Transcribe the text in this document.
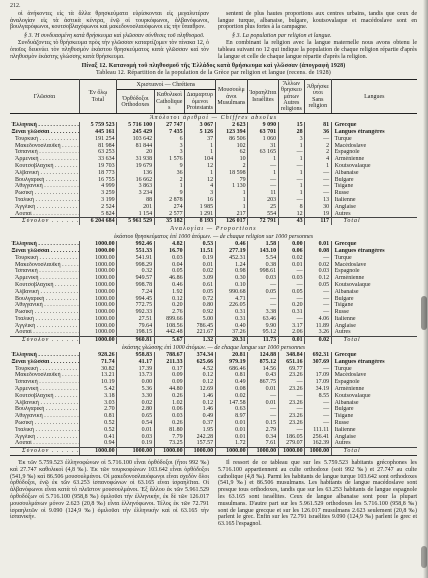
212.

οἱ ἀνήκοντες εἰς τὰ ἄλλα θρησκεύματα εὑρίσκονται εἰς μεγαλυτέραν ἀναλογίαν εἰς τὰ ἀστικὰ κέντρα, ἐνῷ οἱ τουρκόφωνοι, ἀλβανόφωνοι, βουλγαρόφωνοι, κουτσοβλαχόφωνοι καὶ μακεδονοσλαυόφωνοι εἰς τὴν ὕπαιθρον.

sentent de plus hautes proportions aux centres urbains, tandis que ceux de langue turque, albanaise, bulgare, koutsovalaque et macédoslave sont en proportion plus fortes à la campagne.

§ 3. Ἡ συνδυασμένη κατὰ θρήσκευμα καὶ γλῶσσαν σύνθεσις τοῦ πληθυσμοῦ.	§ 3. La population par religion et langue.

Συνδυάζοντες τὸ θρήσκευμα πρὸς τὴν γλῶσσαν καταρτίζομεν τὸν πίνακα 12, ὁ ὁποῖος δεικνύει τὸν πληθυσμὸν ἑκάστου θρησκεύματος κατὰ γλῶσσαν καὶ τὸν πληθυσμὸν ἑκάστης γλώσσης κατὰ θρήσκευμα.

En combinant la religion avec la langue maternelle nous avons obtenu le tableau suivant no 12 qui indique la population de chaque religion répartie d'après la langue et celle de chaque langue répartie d'après la religion.

Πίναξ 12. Κατανομὴ τοῦ πληθυσμοῦ τῆς Ἑλλάδος κατὰ θρήσκευμα καὶ γλῶσσαν (ἀπογραφὴ 1928)
Tableau 12. Répartition de la population de la Grèce par religion et langue (recens. de 1928)
Γλῶσσαι	Ἐν ὅλῳ
Total	Χριστιανοὶ — Chrétiens			Μουσουλμάνοι
Musulmans	Ἰσραηλῖται
Israélites	Ἄλλων θρησκευμάτων
Autres religions	Ἀθρήσκευτοι
Sans religion	Langues

		Ὀρθόδοξοι
Orthodoxes	Καθολικοὶ
Catholiques	Διαμαρτυρόμενοι
Protestants					

Ἀπόλυτοι ἀριθμοί — Chiffres absolus									
Ἑλληνικὴ . . .	5 759 523	5 716 100	27 747	3 067	2 623	9 090	15	81	Grecque
Ξέναι γλῶσσαι . . .	445 161	245 429	7 435	5 126	123 394	63 701	28	36	Langues étrangères
Τουρκικὴ . . .	191 254	103 642	6	37	86 506	1 060	3	—	Turque
Μακεδονοσλαυϊκὴ . . .	81 984	81 844	3	1	102	31	1	2	Macédoslave
Ἱσπανικὴ . . .	63 253	20	3	1	62	63 165	—	2	Espagnole
Ἀρμενικὴ . . .	33 634	31 938	1 576	104	10	1	1	4	Arménienne
Κουτσοβλαχικὴ . . .	19 703	19 679	9	12	2	—	—	1	Koutsovalaque
Ἀλβανικὴ . . .	18 773	136	36	1	18 598	1	1	—	Albanaise
Βουλγαρικὴ . . .	16 755	16 662	2	12	79	—	—	—	Bulgare
Ἀθιγγανικὴ . . .	4 999	3 863	1	4	1 130	—	1	—	Tsigane
Ρωσικὴ . . .	3 259	3 234	9	3	1	11	1	—	Russe
Ἰταλικὴ . . .	3 199	88	2 878	16	1	203	—	13	Italienne
Ἀγγλικὴ . . .	2 524	201	274	1 985	1	25	8	30	Anglaise
Λοιπαὶ . . .	5 824	1 154	2 577	1 291	217	554	12	19	Autres
Σύνολον . . .	6 204 684	5 961 529	35 182	8 193	126 017	72 791	43	117	Total
Ἀναλογίαι — Proportions									
ἑκάστου θρησκεύματος ἐπὶ 1000 ἀτόμων. — de chaque religion sur 1000 personnes									
Ἑλληνικὴ . . .	1000.00	992.46	4.82	0.53	0.46	1.58	0.00	0.01	Grecque
Ξέναι γλῶσσαι . . .	1000.00	551.33	16.70	11.51	277.19	143.10	0.06	0.08	Langues étrangères
Τουρκικὴ . . .	1000.00	541.91	0.03	0.19	452.31	5.54	0.02	—	Turque
Μακεδονοσλαυϊκὴ . . .	1000.00	998.29	0.04	0.01	1.24	0.38	0.01	0.02	Macédoslave
Ἱσπανικὴ . . .	1000.00	0.32	0.05	0.02	0.98	998.61	—	0.03	Espagnole
Ἀρμενικὴ . . .	1000.00	949.57	46.86	3.09	0.30	0.03	0.03	0.12	Arménienne
Κουτσοβλαχικὴ . . .	1000.00	998.78	0.46	0.61	0.10	—	—	0.05	Koutsovalaque
Ἀλβανικὴ . . .	1000.00	7.24	1.92	0.05	990.68	0.05	0.05	—	Albanaise
Βουλγαρικὴ . . .	1000.00	994.45	0.12	0.72	4.71	—	—	—	Bulgare
Ἀθιγγανικὴ . . .	1000.00	772.75	0.20	0.80	226.05	—	0.20	—	Tsigane
Ρωσικὴ . . .	1000.00	992.33	2.76	0.92	0.31	3.38	0.31	—	Russe
Ἰταλικὴ . . .	1000.00	27.51	899.66	5.00	0.31	63.46	—	4.06	Italienne
Ἀγγλικὴ . . .	1000.00	79.64	108.56	786.45	0.40	9.90	3.17	11.89	Anglaise
Λοιπαὶ . . .	1000.00	198.15	442.48	221.67	37.26	95.12	2.06	3.26	Autres
Σύνολον . . .	1000.00	960.81	5.67	1.32	20.31	11.73	0.01	0.02	Total
ἑκάστης γλώσσης ἐπὶ 1000 ἀτόμων. — de chaque langue sur 1000 personnes									
Ἑλληνικὴ . . .	928.26	958.83	788.67	374.34	20.81	124.88	348.84	692.31	Grecque
Ξέναι γλῶσσαι . . .	71.74	41.17	211.33	625.66	979.19	875.12	651.16	307.69	Langues étrangères
Τουρκικὴ . . .	30.82	17.39	0.17	4.52	686.46	14.56	69.77	—	Turque
Μακεδονοσλαυϊκὴ . . .	13.21	13.73	0.09	0.12	0.81	0.43	23.26	17.09	Macédoslave
Ἱσπανικὴ . . .	10.19	0.00	0.09	0.12	0.49	867.75	—	17.09	Espagnole
Ἀρμενικὴ . . .	5.42	5.36	44.80	12.69	0.08	0.01	23.26	34.19	Arménienne
Κουτσοβλαχικὴ . . .	3.18	3.30	0.26	1.46	0.02	—	—	8.55	Koutsovalaque
Ἀλβανικὴ . . .	3.03	0.02	1.02	0.12	147.58	0.01	23.26	—	Albanaise
Βουλγαρικὴ . . .	2.70	2.80	0.06	1.46	0.63	—	—	—	Bulgare
Ἀθιγγανικὴ . . .	0.81	0.65	0.03	0.49	8.97	—	23.26	—	Tsigane
Ρωσικὴ . . .	0.52	0.54	0.26	0.37	0.01	0.15	23.26	—	Russe
Ἰταλικὴ . . .	0.52	0.01	81.80	1.95	0.01	2.79	—	111.11	Italienne
Ἀγγλικὴ . . .	0.41	0.03	7.79	242.28	0.01	0.34	186.05	256.41	Anglaise
Λοιπαὶ . . .	0.94	0.19	73.25	157.57	1.72	7.61	279.07	162.39	Autres
Σύνολον . . .	1000.00	1000.00	1000.00	1000.00	1000.00	1000.00	1000.00	1000.00	Total

Ἐκ τῶν 5.759.523 ἑλληνοφώνων οἱ 5.716.100 εἶναι ὀρθόδοξοι (ἤτοι 992 ‰) καὶ 27.747 καθολικοὶ (4,8 ‰). Ἐκ τῶν τουρκοφώνων 103.642 εἶναι ὀρθόδοξοι (541,9 ‰) καὶ 86.506 μουσουλμάνοι. Οἱ μακεδονοσλαυόφωνοι εἶναι σχεδὸν ὅλοι ὀρθόδοξοι, ἐνῷ ἐκ τῶν 63.253 ἱσπανοφώνων οἱ 63.165 εἶναι ἰσραηλῖται. Οἱ ἀλβανόφωνοι εἶναι κατὰ τὸ πλεῖστον μουσουλμάνοι. Ἐξ ἄλλου ἐκ τῶν 5.961.529 ὀρθοδόξων οἱ 5.716.100 (958,8 ‰) ὁμιλοῦσι τὴν ἑλληνικήν, ἐκ δὲ τῶν 126.017 μουσουλμάνων μόνον 2.623 (20,8 ‰) εἶναι ἑλληνόφωνοι. Τέλος ἐκ τῶν 72.791 ἰσραηλιτῶν οἱ 9.090 (124,9 ‰) ὁμιλοῦσι τὴν ἑλληνικὴν καὶ οἱ 63.165 τὴν ἱσπανικήν.

Il ressort de ce tableau que sur les 5.759.523 habitants grécophones les 5.716.100 appartiennent au culte orthodoxe (soit 992 ‰) et 27.747 au culte catholique (4,8 ‰). Parmi les habitants de langue turque 103.642 sont orthodoxes (541,9 ‰) et 86.506 musulmans. Les habitants de langue macédoslave sont presque tous orthodoxes, tandis que sur les 63.253 habitants de langue espagnole les 63.165 sont israélites. Ceux de langue albanaise sont pour la plupart musulmans. D'autre part sur les 5.961.529 orthodoxes les 5.716.100 (958,8 ‰) sont de langue grecque et sur les 126.017 musulmans 2.623 seulement (20,8 ‰) parlent le grec. Enfin sur les 72.791 israélites 9.090 (124,9 ‰) parlent le grec et 63.165 l'espagnol.
